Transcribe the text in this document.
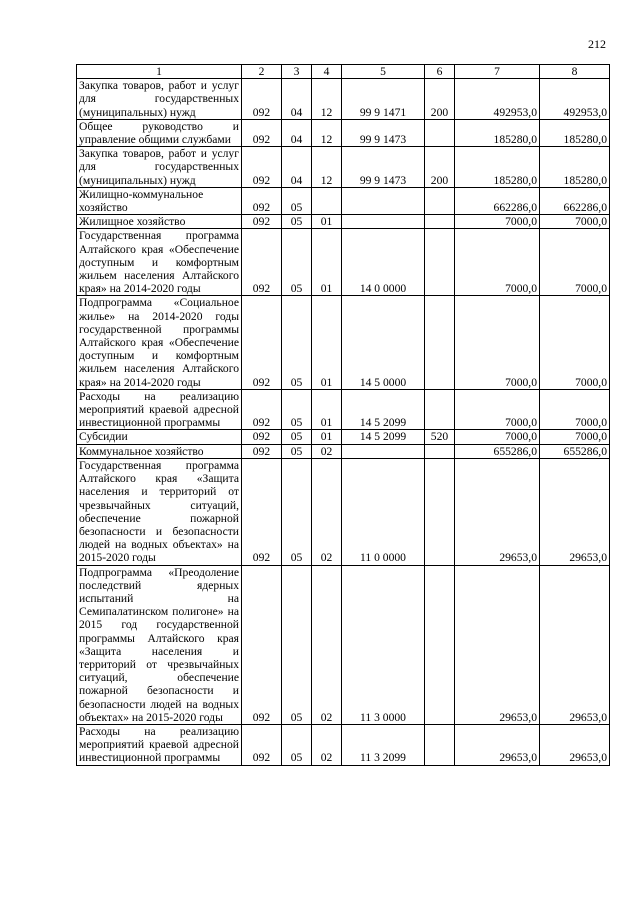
212
1	2	3	4	5	6	7	8
Закупка товаров, работ и услуг для государственных (муниципальных) нужд	092	04	12	99 9 1471	200	492953,0	492953,0
Общее руководство и управление общими службами	092	04	12	99 9 1473		185280,0	185280,0
Закупка товаров, работ и услуг для государственных (муниципальных) нужд	092	04	12	99 9 1473	200	185280,0	185280,0
Жилищно-коммунальное хозяйство	092	05				662286,0	662286,0
Жилищное хозяйство	092	05	01			7000,0	7000,0
Государственная программа Алтайского края «Обеспечение доступным и комфортным жильем населения Алтайского края» на 2014-2020 годы	092	05	01	14 0 0000		7000,0	7000,0
Подпрограмма «Социальное жилье» на 2014-2020 годы государственной программы Алтайского края «Обеспечение доступным и комфортным жильем населения Алтайского края» на 2014-2020 годы	092	05	01	14 5 0000		7000,0	7000,0
Расходы на реализацию мероприятий краевой адресной инвестиционной программы	092	05	01	14 5 2099		7000,0	7000,0
Субсидии	092	05	01	14 5 2099	520	7000,0	7000,0
Коммунальное хозяйство	092	05	02			655286,0	655286,0
Государственная программа Алтайского края «Защита населения и территорий от чрезвычайных ситуаций, обеспечение пожарной безопасности и безопасности людей на водных объектах» на 2015-2020 годы	092	05	02	11 0 0000		29653,0	29653,0
Подпрограмма «Преодоление последствий ядерных испытаний на Семипалатинском полигоне» на 2015 год государственной программы Алтайского края «Защита населения и территорий от чрезвычайных ситуаций, обеспечение пожарной безопасности и безопасности людей на водных объектах» на 2015-2020 годы	092	05	02	11 3 0000		29653,0	29653,0
Расходы на реализацию мероприятий краевой адресной инвестиционной программы	092	05	02	11 3 2099		29653,0	29653,0
